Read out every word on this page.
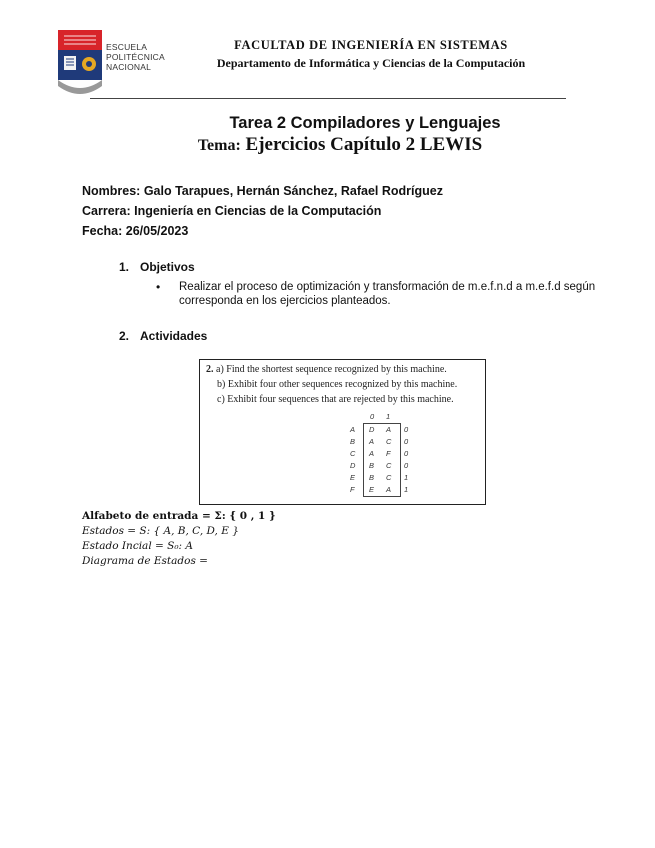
ESCUELA
POLITÉCNICA
NACIONAL
FACULTAD DE INGENIERÍA EN SISTEMAS
Departamento de Informática y Ciencias de la Computación
Tarea 2 Compiladores y Lenguajes
Tema: Ejercicios Capítulo 2 LEWIS
Nombres: Galo Tarapues, Hernán Sánchez, Rafael Rodríguez
Carrera: Ingeniería en Ciencias de la Computación
Fecha: 26/05/2023
1. Objetivos
• Realizar el proceso de optimización y transformación de m.e.f.n.d a m.e.f.d según corresponda en los ejercicios planteados.
2. Actividades
2. a) Find the shortest sequence recognized by this machine.
b) Exhibit four other sequences recognized by this machine.
c) Exhibit four sequences that are rejected by this machine.
0 1
A D A 0
B A C 0
C A F 0
D B C 0
E B C 1
F E A 1
Alfabeto de entrada = Σ: { 0 , 1 }
Estados = S: { A, B, C, D, E }
Estado Incial = S₀: A
Diagrama de Estados =
